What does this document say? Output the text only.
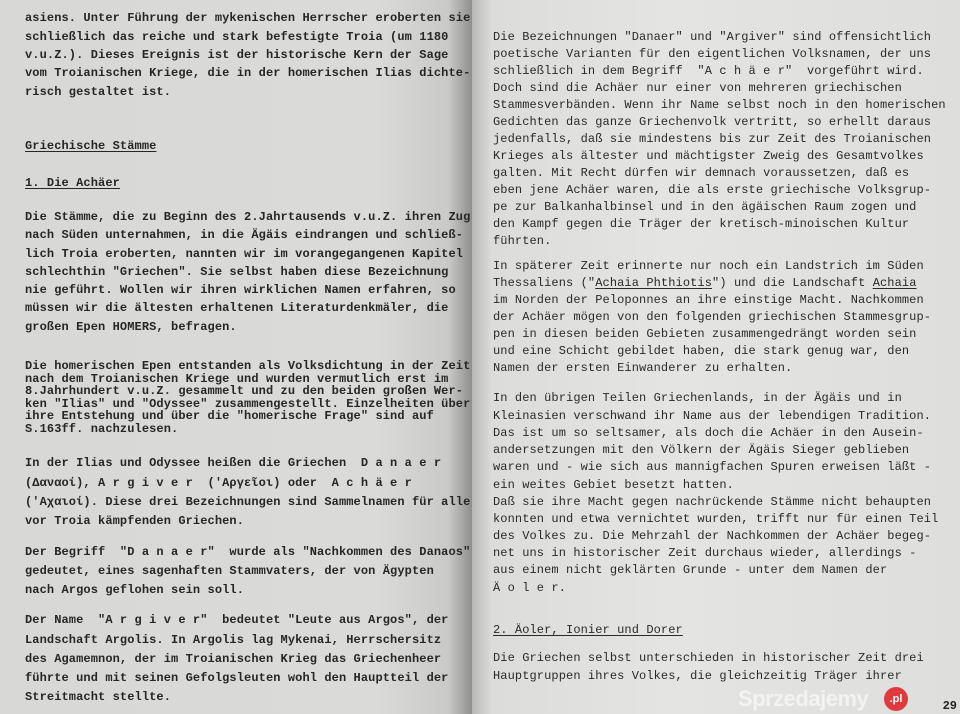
asiens. Unter Führung der mykenischen Herrscher eroberten sie
schließlich das reiche und stark befestigte Troia (um 1180
v.u.Z.). Dieses Ereignis ist der historische Kern der Sage
vom Troianischen Kriege, die in der homerischen Ilias dichte-
risch gestaltet ist.
Griechische Stämme
1. Die Achäer
Die Stämme, die zu Beginn des 2.Jahrtausends v.u.Z. ihren Zug
nach Süden unternahmen, in die Ägäis eindrangen und schließ-
lich Troia eroberten, nannten wir im vorangegangenen Kapitel
schlechthin "Griechen". Sie selbst haben diese Bezeichnung
nie geführt. Wollen wir ihren wirklichen Namen erfahren, so
müssen wir die ältesten erhaltenen Literaturdenkmäler, die
großen Epen HOMERS, befragen.
Die homerischen Epen entstanden als Volksdichtung in der Zeit
nach dem Troianischen Kriege und wurden vermutlich erst im
8.Jahrhundert v.u.Z. gesammelt und zu den beiden großen Wer-
ken "Ilias" und "Odyssee" zusammengestellt. Einzelheiten über
ihre Entstehung und über die "homerische Frage" sind auf
S.163ff. nachzulesen.
In der Ilias und Odyssee heißen die Griechen  D a n a e r
(Δαναοί), A r g i v e r  ('Αργεῖοι) oder  A c h ä e r
('Αχαιοί). Diese drei Bezeichnungen sind Sammelnamen für alle
vor Troia kämpfenden Griechen.
Der Begriff  "D a n a e r"  wurde als "Nachkommen des Danaos"
gedeutet, eines sagenhaften Stammvaters, der von Ägypten
nach Argos geflohen sein soll.
Der Name  "A r g i v e r"  bedeutet "Leute aus Argos", der
Landschaft Argolis. In Argolis lag Mykenai, Herrschersitz
des Agamemnon, der im Troianischen Krieg das Griechenheer
führte und mit seinen Gefolgsleuten wohl den Hauptteil der
Streitmacht stellte.
29
Die Bezeichnungen "Danaer" und "Argiver" sind offensichtlich
poetische Varianten für den eigentlichen Volksnamen, der uns
schließlich in dem Begriff  "A c h ä e r"  vorgeführt wird.
Doch sind die Achäer nur einer von mehreren griechischen
Stammesverbänden. Wenn ihr Name selbst noch in den homerischen
Gedichten das ganze Griechenvolk vertritt, so erhellt daraus
jedenfalls, daß sie mindestens bis zur Zeit des Troianischen
Krieges als ältester und mächtigster Zweig des Gesamtvolkes
galten. Mit Recht dürfen wir demnach voraussetzen, daß es
eben jene Achäer waren, die als erste griechische Volksgrup-
pe zur Balkanhalbinsel und in den ägäischen Raum zogen und
den Kampf gegen die Träger der kretisch-minoischen Kultur
führten.
In späterer Zeit erinnerte nur noch ein Landstrich im Süden
Thessaliens ("Achaia Phthiotis") und die Landschaft Achaia
im Norden der Peloponnes an ihre einstige Macht. Nachkommen
der Achäer mögen von den folgenden griechischen Stammesgrup-
pen in diesen beiden Gebieten zusammengedrängt worden sein
und eine Schicht gebildet haben, die stark genug war, den
Namen der ersten Einwanderer zu erhalten.
In den übrigen Teilen Griechenlands, in der Ägäis und in
Kleinasien verschwand ihr Name aus der lebendigen Tradition.
Das ist um so seltsamer, als doch die Achäer in den Ausein-
andersetzungen mit den Völkern der Ägäis Sieger geblieben
waren und - wie sich aus mannigfachen Spuren erweisen läßt -
ein weites Gebiet besetzt hatten.
Daß sie ihre Macht gegen nachrückende Stämme nicht behaupten
konnten und etwa vernichtet wurden, trifft nur für einen Teil
des Volkes zu. Die Mehrzahl der Nachkommen der Achäer begeg-
net uns in historischer Zeit durchaus wieder, allerdings -
aus einem nicht geklärten Grunde - unter dem Namen der
Ä o l e r.
2. Äoler, Ionier und Dorer
Die Griechen selbst unterschieden in historischer Zeit drei
Hauptgruppen ihres Volkes, die gleichzeitig Träger ihrer
Sprzedajemy	.pl
